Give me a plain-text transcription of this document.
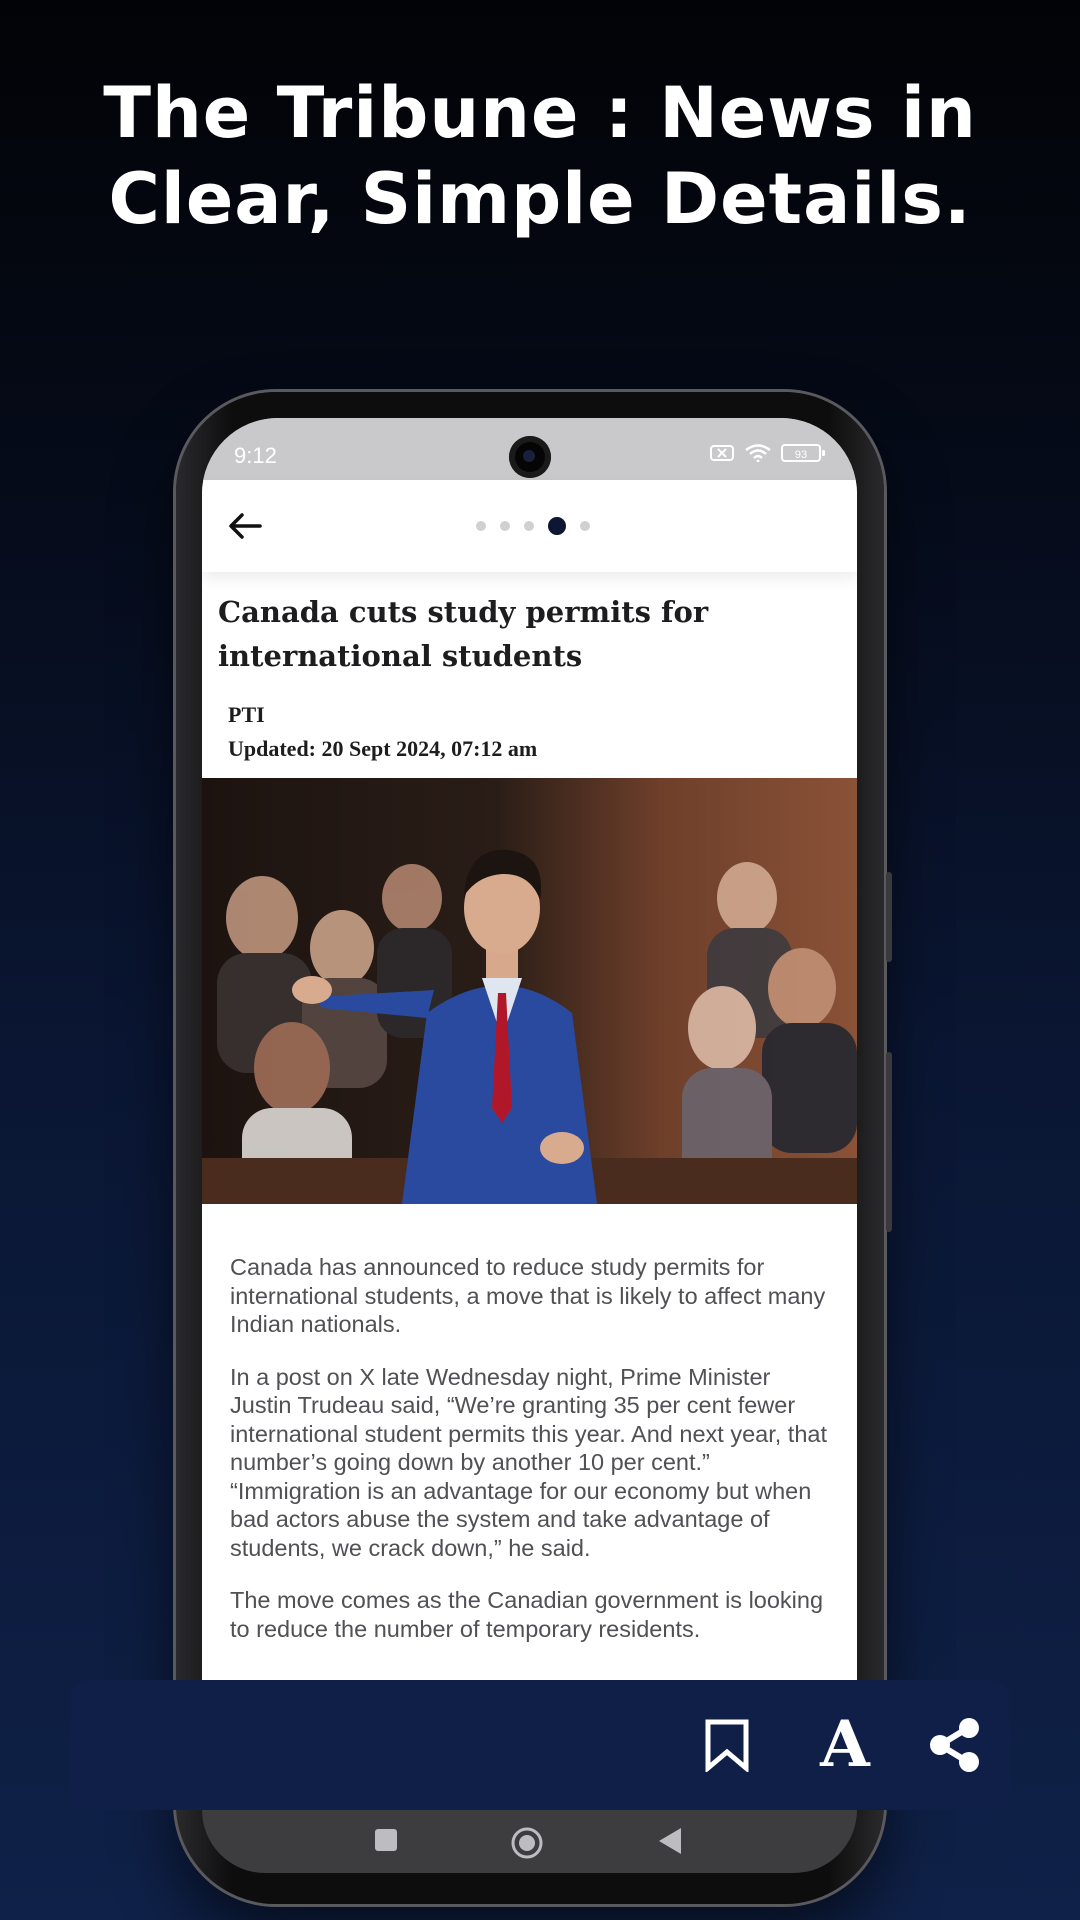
The Tribune : News in
Clear, Simple Details.
9:12	93
Canada cuts study permits for international students
PTI
Updated: 20 Sept 2024, 07:12 am

Canada has announced to reduce study permits for international students, a move that is likely to affect many Indian nationals.

In a post on X late Wednesday night, Prime Minister Justin Trudeau said, “We’re granting 35 per cent fewer international student permits this year. And next year, that number’s going down by another 10 per cent.” “Immigration is an advantage for our economy but when bad actors abuse the system and take advantage of students, we crack down,” he said.

The move comes as the Canadian government is looking to reduce the number of temporary residents.

A
